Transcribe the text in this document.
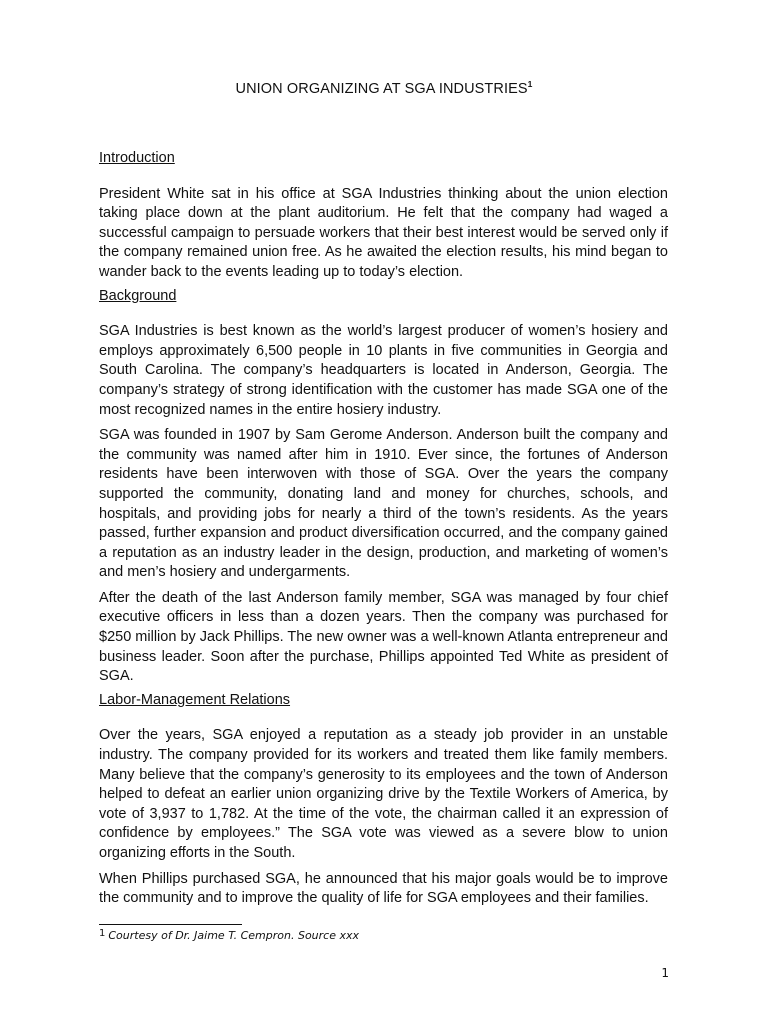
UNION ORGANIZING AT SGA INDUSTRIES$^1$
Introduction

President White sat in his office at SGA Industries thinking about the union election taking place down at the plant auditorium. He felt that the company had waged a successful campaign to persuade workers that their best interest would be served only if the company remained union free. As he awaited the election results, his mind began to wander back to the events leading up to today’s election.

Background

SGA Industries is best known as the world’s largest producer of women’s hosiery and employs approximately 6,500 people in 10 plants in five communities in Georgia and South Carolina. The company’s headquarters is located in Anderson, Georgia. The company’s strategy of strong identification with the customer has made SGA one of the most recognized names in the entire hosiery industry.

SGA was founded in 1907 by Sam Gerome Anderson. Anderson built the company and the community was named after him in 1910. Ever since, the fortunes of Anderson residents have been interwoven with those of SGA. Over the years the company supported the community, donating land and money for churches, schools, and hospitals, and providing jobs for nearly a third of the town’s residents. As the years passed, further expansion and product diversification occurred, and the company gained a reputation as an industry leader in the design, production, and marketing of women’s and men’s hosiery and undergarments.

After the death of the last Anderson family member, SGA was managed by four chief executive officers in less than a dozen years. Then the company was purchased for $250 million by Jack Phillips. The new owner was a well-known Atlanta entrepreneur and business leader. Soon after the purchase, Phillips appointed Ted White as president of SGA.

Labor-Management Relations

Over the years, SGA enjoyed a reputation as a steady job provider in an unstable industry. The company provided for its workers and treated them like family members. Many believe that the company’s generosity to its employees and the town of Anderson helped to defeat an earlier union organizing drive by the Textile Workers of America, by vote of 3,937 to 1,782. At the time of the vote, the chairman called it an expression of confidence by employees.” The SGA vote was viewed as a severe blow to union organizing efforts in the South.

When Phillips purchased SGA, he announced that his major goals would be to improve the community and to improve the quality of life for SGA employees and their families.

1 Courtesy of Dr. Jaime T. Cempron. Source xxx
1
